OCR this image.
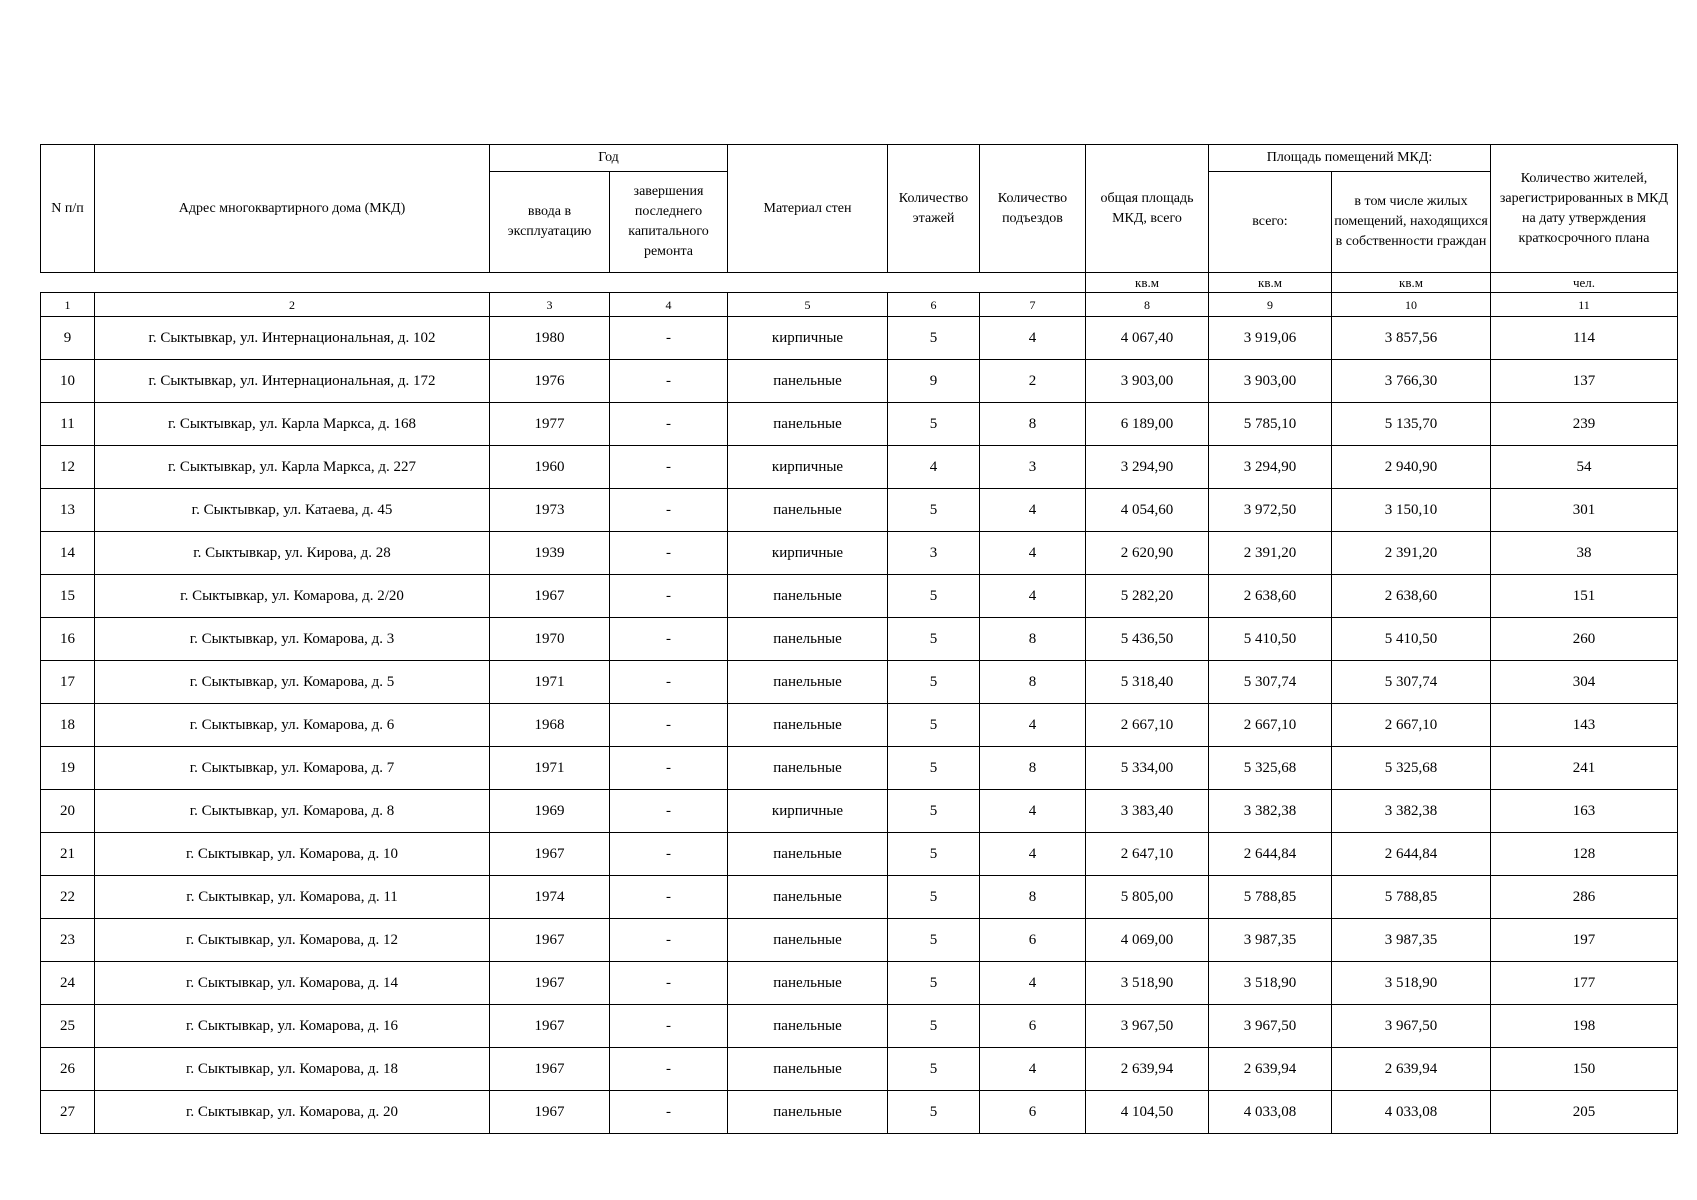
N п/п	Адрес многоквартирного дома (МКД)	Год		Материал стен	Количество этажей	Количество подъездов	общая площадь МКД, всего	Площадь помещений МКД:		Количество жителей, зарегистрированных в МКД на дату утверждения краткосрочного плана
		ввода в эксплуатацию	завершения последнего капитального ремонта					всего:	в том числе жилых помещений, находящихся в собственности граждан	
							кв.м	кв.м	кв.м	чел.
1	2	3	4	5	6	7	8	9	10	11
9	г. Сыктывкар, ул. Интернациональная, д. 102	1980	-	кирпичные	5	4	4 067,40	3 919,06	3 857,56	114
10	г. Сыктывкар, ул. Интернациональная, д. 172	1976	-	панельные	9	2	3 903,00	3 903,00	3 766,30	137
11	г. Сыктывкар, ул. Карла Маркса, д. 168	1977	-	панельные	5	8	6 189,00	5 785,10	5 135,70	239
12	г. Сыктывкар, ул. Карла Маркса, д. 227	1960	-	кирпичные	4	3	3 294,90	3 294,90	2 940,90	54
13	г. Сыктывкар, ул. Катаева, д. 45	1973	-	панельные	5	4	4 054,60	3 972,50	3 150,10	301
14	г. Сыктывкар, ул. Кирова, д. 28	1939	-	кирпичные	3	4	2 620,90	2 391,20	2 391,20	38
15	г. Сыктывкар, ул. Комарова, д. 2/20	1967	-	панельные	5	4	5 282,20	2 638,60	2 638,60	151
16	г. Сыктывкар, ул. Комарова, д. 3	1970	-	панельные	5	8	5 436,50	5 410,50	5 410,50	260
17	г. Сыктывкар, ул. Комарова, д. 5	1971	-	панельные	5	8	5 318,40	5 307,74	5 307,74	304
18	г. Сыктывкар, ул. Комарова, д. 6	1968	-	панельные	5	4	2 667,10	2 667,10	2 667,10	143
19	г. Сыктывкар, ул. Комарова, д. 7	1971	-	панельные	5	8	5 334,00	5 325,68	5 325,68	241
20	г. Сыктывкар, ул. Комарова, д. 8	1969	-	кирпичные	5	4	3 383,40	3 382,38	3 382,38	163
21	г. Сыктывкар, ул. Комарова, д. 10	1967	-	панельные	5	4	2 647,10	2 644,84	2 644,84	128
22	г. Сыктывкар, ул. Комарова, д. 11	1974	-	панельные	5	8	5 805,00	5 788,85	5 788,85	286
23	г. Сыктывкар, ул. Комарова, д. 12	1967	-	панельные	5	6	4 069,00	3 987,35	3 987,35	197
24	г. Сыктывкар, ул. Комарова, д. 14	1967	-	панельные	5	4	3 518,90	3 518,90	3 518,90	177
25	г. Сыктывкар, ул. Комарова, д. 16	1967	-	панельные	5	6	3 967,50	3 967,50	3 967,50	198
26	г. Сыктывкар, ул. Комарова, д. 18	1967	-	панельные	5	4	2 639,94	2 639,94	2 639,94	150
27	г. Сыктывкар, ул. Комарова, д. 20	1967	-	панельные	5	6	4 104,50	4 033,08	4 033,08	205
